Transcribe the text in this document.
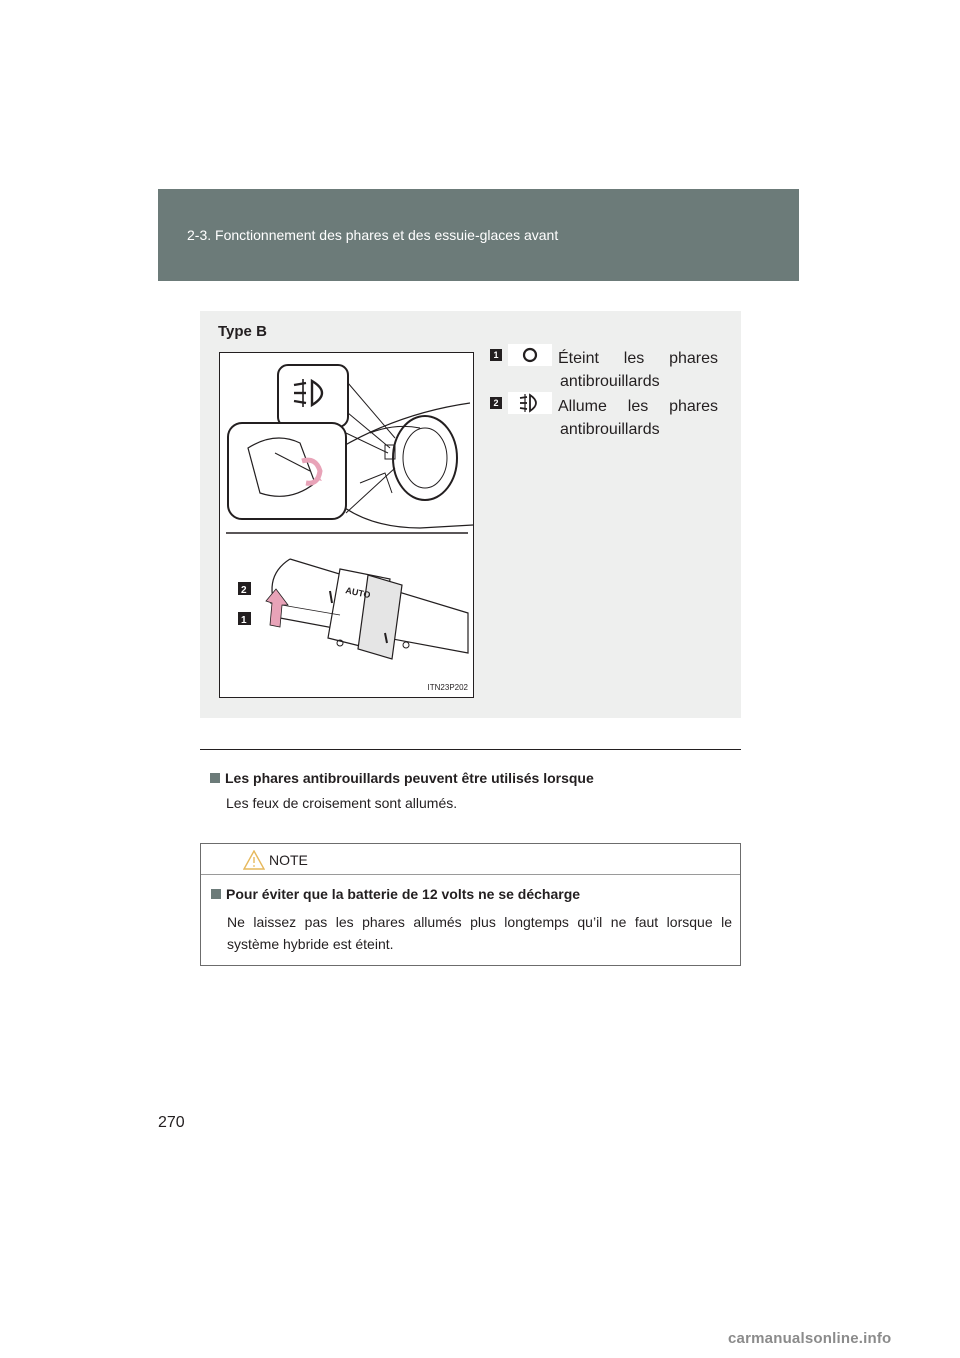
2-3. Fonctionnement des phares et des essuie-glaces avant
Type B
AUTO
2
1
ITN23P202
1	Éteint les phares
antibrouillards
2	Allume les phares
antibrouillards
Les phares antibrouillards peuvent être utilisés lorsque
Les feux de croisement sont allumés.
NOTE
Pour éviter que la batterie de 12 volts ne se décharge
Ne laissez pas les phares allumés plus longtemps qu’il ne faut lorsque le système hybride est éteint.
270
carmanualsonline.info
